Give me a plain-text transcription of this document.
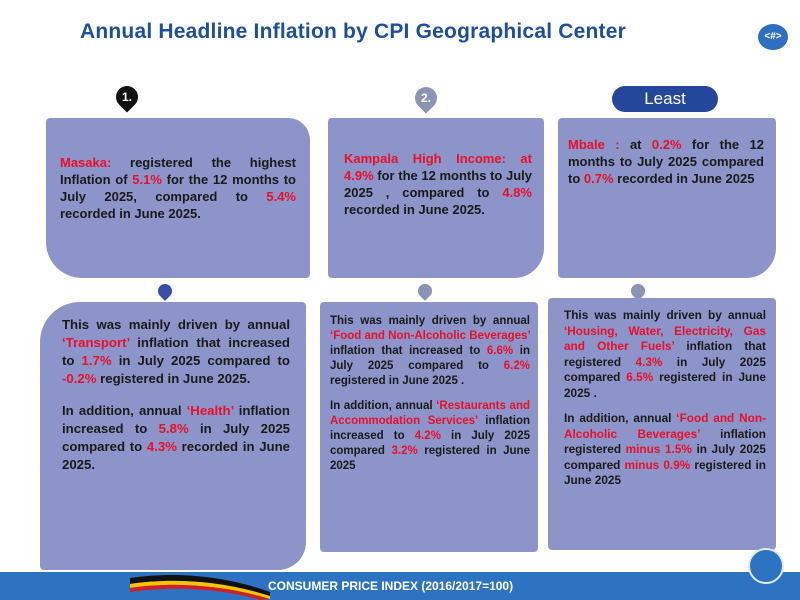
Annual Headline Inflation by CPI Geographical Center	<#>
1.	2.	Least

Masaka: registered the highest Inflation of 5.1% for the 12 months to July 2025, compared to 5.4% recorded in June 2025.

Kampala High Income: at 4.9% for the 12 months to July 2025 , compared to 4.8% recorded in June 2025.

Mbale : at 0.2% for the 12 months to July 2025 compared to 0.7% recorded in June 2025

This was mainly driven by annual ‘Transport’ inflation that increased to 1.7% in July 2025 compared to -0.2% registered in June 2025.

In addition, annual ‘Health’ inflation increased to 5.8% in July 2025 compared to 4.3% recorded in June 2025.

This was mainly driven by annual ‘Food and Non-Alcoholic Beverages’ inflation that increased to 6.6% in July 2025 compared to 6.2% registered in June 2025 .

In addition, annual ‘Restaurants and Accommodation Services’ inflation increased to 4.2% in July 2025 compared 3.2% registered in June 2025

This was mainly driven by annual ‘Housing, Water, Electricity, Gas and Other Fuels’ inflation that registered 4.3% in July 2025 compared 6.5% registered in June 2025 .

In addition, annual ‘Food and Non-Alcoholic Beverages’ inflation registered minus 1.5% in July 2025 compared minus 0.9% registered in June 2025

CONSUMER PRICE INDEX (2016/2017=100)
